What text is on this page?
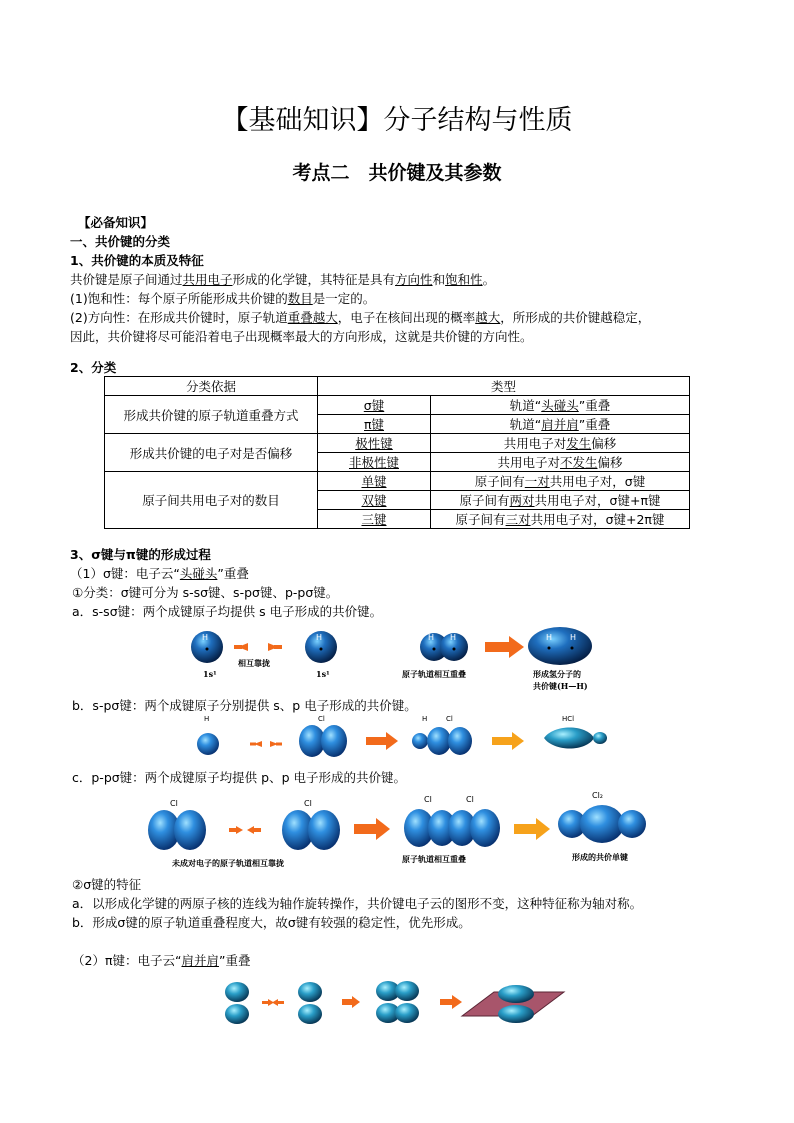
【基础知识】分子结构与性质
考点二　共价键及其参数
【必备知识】
一、共价键的分类
1、共价键的本质及特征
共价键是原子间通过共用电子形成的化学键，其特征是具有方向性和饱和性。
(1)饱和性：每个原子所能形成共价键的数目是一定的。
(2)方向性：在形成共价键时，原子轨道重叠越大，电子在核间出现的概率越大，所形成的共价键越稳定，
因此，共价键将尽可能沿着电子出现概率最大的方向形成，这就是共价键的方向性。
2、分类
分类依据	类型	
形成共价键的原子轨道重叠方式	σ键	轨道“头碰头”重叠
	π键	轨道“肩并肩”重叠
形成共价键的电子对是否偏移	极性键	共用电子对发生偏移
	非极性键	共用电子对不发生偏移
原子间共用电子对的数目	单键	原子间有一对共用电子对，σ键
	双键	原子间有两对共用电子对，σ键+π键
	三键	原子间有三对共用电子对，σ键+2π键
3、σ键与π键的形成过程
（1）σ键：电子云“头碰头”重叠
①分类：σ键可分为 s-sσ键、s-pσ键、p-pσ键。
a．s-sσ键：两个成键原子均提供 s 电子形成的共价键。
H
1s¹
相互靠拢
H
1s¹
H H
原子轨道相互重叠
H H
形成氢分子的
共价键(H—H)
b．s-pσ键：两个成键原子分别提供 s、p 电子形成的共价键。
H	Cl	H	Cl	HCl
c．p-pσ键：两个成键原子均提供 p、p 电子形成的共价键。
Cl	Cl
未成对电子的原子轨道相互靠拢
Cl	Cl
原子轨道相互重叠
Cl₂
形成的共价单键
②σ键的特征
a．以形成化学键的两原子核的连线为轴作旋转操作，共价键电子云的图形不变，这种特征称为轴对称。
b．形成σ键的原子轨道重叠程度大，故σ键有较强的稳定性，优先形成。
（2）π键：电子云“肩并肩”重叠
